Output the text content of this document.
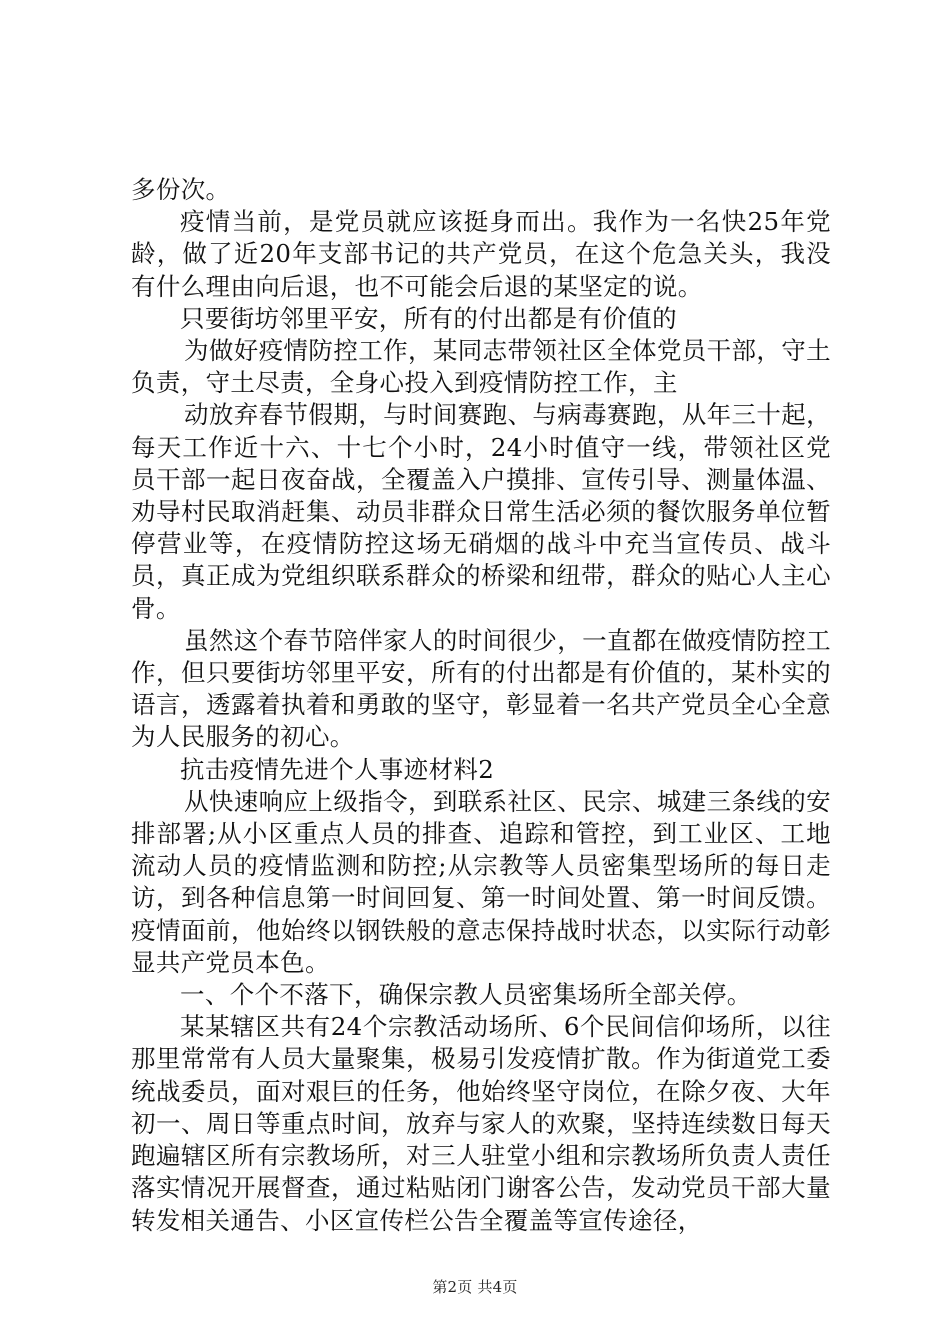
多份次。

疫情当前，是党员就应该挺身而出。我作为一名快25年党龄，做了近20年支部书记的共产党员，在这个危急关头，我没有什么理由向后退，也不可能会后退的某坚定的说。

只要街坊邻里平安，所有的付出都是有价值的

为做好疫情防控工作，某同志带领社区全体党员干部，守土负责，守土尽责，全身心投入到疫情防控工作，主

动放弃春节假期，与时间赛跑、与病毒赛跑，从年三十起，每天工作近十六、十七个小时，24小时值守一线，带领社区党员干部一起日夜奋战，全覆盖入户摸排、宣传引导、测量体温、劝导村民取消赶集、动员非群众日常生活必须的餐饮服务单位暂停营业等，在疫情防控这场无硝烟的战斗中充当宣传员、战斗员，真正成为党组织联系群众的桥梁和纽带，群众的贴心人主心骨。

虽然这个春节陪伴家人的时间很少，一直都在做疫情防控工作，但只要街坊邻里平安，所有的付出都是有价值的，某朴实的语言，透露着执着和勇敢的坚守，彰显着一名共产党员全心全意为人民服务的初心。

抗击疫情先进个人事迹材料2

从快速响应上级指令，到联系社区、民宗、城建三条线的安排部署;从小区重点人员的排查、追踪和管控，到工业区、工地流动人员的疫情监测和防控;从宗教等人员密集型场所的每日走访，到各种信息第一时间回复、第一时间处置、第一时间反馈。疫情面前，他始终以钢铁般的意志保持战时状态，以实际行动彰显共产党员本色。

一、个个不落下，确保宗教人员密集场所全部关停。

某某辖区共有24个宗教活动场所、6个民间信仰场所，以往那里常常有人员大量聚集，极易引发疫情扩散。作为街道党工委统战委员，面对艰巨的任务，他始终坚守岗位，在除夕夜、大年初一、周日等重点时间，放弃与家人的欢聚，坚持连续数日每天跑遍辖区所有宗教场所，对三人驻堂小组和宗教场所负责人责任落实情况开展督查，通过粘贴闭门谢客公告，发动党员干部大量转发相关通告、小区宣传栏公告全覆盖等宣传途径，

第2页 共4页
